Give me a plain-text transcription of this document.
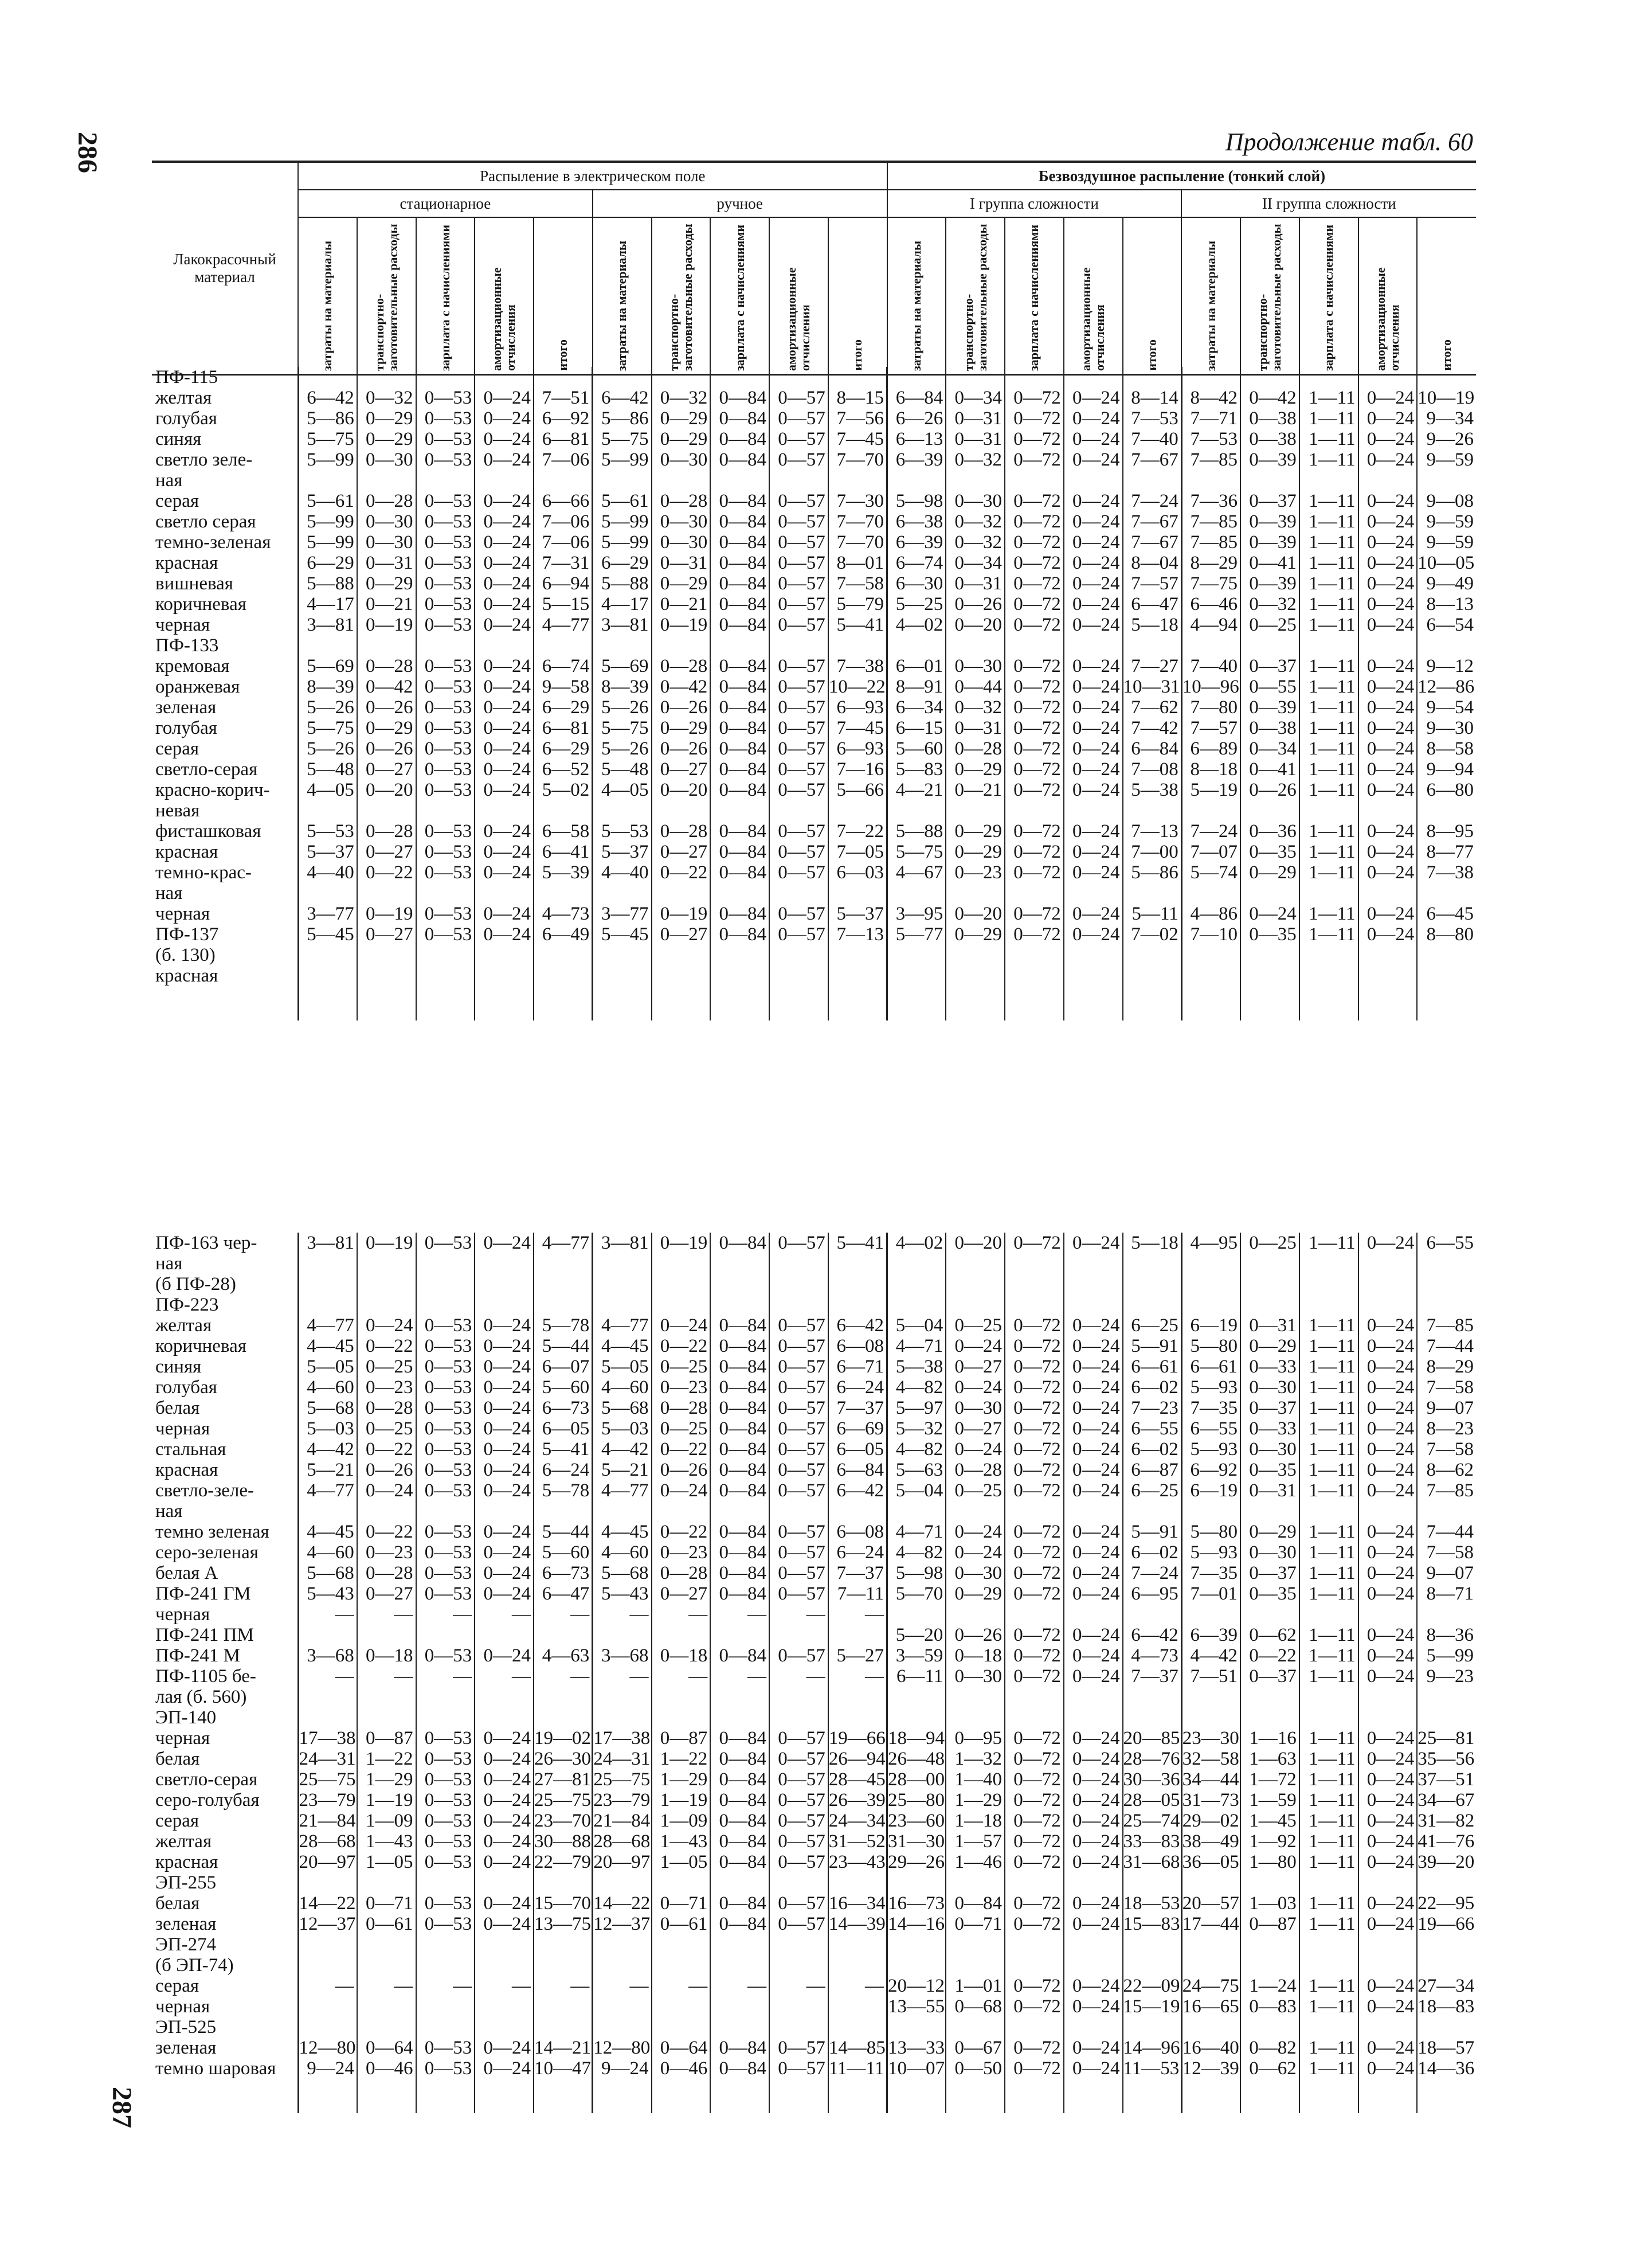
286
287
Продолжение табл. 60
Лакокрасочный материал	Распыление в электрическом поле										Безвоздушное распыление (тонкий слой)									
	стационарное					ручное					I группа сложности					II группа сложности				
	затраты на материалы	транспортно-заготовительные расходы	зарплата с начислениями	амортизационные отчисления	итого	затраты на материалы	транспортно-заготовительные расходы	зарплата с начислениями	амортизационные отчисления	итого	затраты на материалы	транспортно-заготовительные расходы	зарплата с начислениями	амортизационные отчисления	итого	затраты на материалы	транспортно-заготовительные расходы	зарплата с начислениями	амортизационные отчисления	итого
ПФ-115																				
желтая	6—42	0—32	0—53	0—24	7—51	6—42	0—32	0—84	0—57	8—15	6—84	0—34	0—72	0—24	8—14	8—42	0—42	1—11	0—24	10—19
голубая	5—86	0—29	0—53	0—24	6—92	5—86	0—29	0—84	0—57	7—56	6—26	0—31	0—72	0—24	7—53	7—71	0—38	1—11	0—24	9—34
синяя	5—75	0—29	0—53	0—24	6—81	5—75	0—29	0—84	0—57	7—45	6—13	0—31	0—72	0—24	7—40	7—53	0—38	1—11	0—24	9—26
светло зеле-	5—99	0—30	0—53	0—24	7—06	5—99	0—30	0—84	0—57	7—70	6—39	0—32	0—72	0—24	7—67	7—85	0—39	1—11	0—24	9—59
ная																				
серая	5—61	0—28	0—53	0—24	6—66	5—61	0—28	0—84	0—57	7—30	5—98	0—30	0—72	0—24	7—24	7—36	0—37	1—11	0—24	9—08
светло серая	5—99	0—30	0—53	0—24	7—06	5—99	0—30	0—84	0—57	7—70	6—38	0—32	0—72	0—24	7—67	7—85	0—39	1—11	0—24	9—59
темно-зеленая	5—99	0—30	0—53	0—24	7—06	5—99	0—30	0—84	0—57	7—70	6—39	0—32	0—72	0—24	7—67	7—85	0—39	1—11	0—24	9—59
красная	6—29	0—31	0—53	0—24	7—31	6—29	0—31	0—84	0—57	8—01	6—74	0—34	0—72	0—24	8—04	8—29	0—41	1—11	0—24	10—05
вишневая	5—88	0—29	0—53	0—24	6—94	5—88	0—29	0—84	0—57	7—58	6—30	0—31	0—72	0—24	7—57	7—75	0—39	1—11	0—24	9—49
коричневая	4—17	0—21	0—53	0—24	5—15	4—17	0—21	0—84	0—57	5—79	5—25	0—26	0—72	0—24	6—47	6—46	0—32	1—11	0—24	8—13
черная	3—81	0—19	0—53	0—24	4—77	3—81	0—19	0—84	0—57	5—41	4—02	0—20	0—72	0—24	5—18	4—94	0—25	1—11	0—24	6—54
ПФ-133																				
кремовая	5—69	0—28	0—53	0—24	6—74	5—69	0—28	0—84	0—57	7—38	6—01	0—30	0—72	0—24	7—27	7—40	0—37	1—11	0—24	9—12
оранжевая	8—39	0—42	0—53	0—24	9—58	8—39	0—42	0—84	0—57	10—22	8—91	0—44	0—72	0—24	10—31	10—96	0—55	1—11	0—24	12—86
зеленая	5—26	0—26	0—53	0—24	6—29	5—26	0—26	0—84	0—57	6—93	6—34	0—32	0—72	0—24	7—62	7—80	0—39	1—11	0—24	9—54
голубая	5—75	0—29	0—53	0—24	6—81	5—75	0—29	0—84	0—57	7—45	6—15	0—31	0—72	0—24	7—42	7—57	0—38	1—11	0—24	9—30
серая	5—26	0—26	0—53	0—24	6—29	5—26	0—26	0—84	0—57	6—93	5—60	0—28	0—72	0—24	6—84	6—89	0—34	1—11	0—24	8—58
светло-серая	5—48	0—27	0—53	0—24	6—52	5—48	0—27	0—84	0—57	7—16	5—83	0—29	0—72	0—24	7—08	8—18	0—41	1—11	0—24	9—94
красно-корич-	4—05	0—20	0—53	0—24	5—02	4—05	0—20	0—84	0—57	5—66	4—21	0—21	0—72	0—24	5—38	5—19	0—26	1—11	0—24	6—80
невая																				
фисташковая	5—53	0—28	0—53	0—24	6—58	5—53	0—28	0—84	0—57	7—22	5—88	0—29	0—72	0—24	7—13	7—24	0—36	1—11	0—24	8—95
красная	5—37	0—27	0—53	0—24	6—41	5—37	0—27	0—84	0—57	7—05	5—75	0—29	0—72	0—24	7—00	7—07	0—35	1—11	0—24	8—77
темно-крас-	4—40	0—22	0—53	0—24	5—39	4—40	0—22	0—84	0—57	6—03	4—67	0—23	0—72	0—24	5—86	5—74	0—29	1—11	0—24	7—38
ная																				
черная	3—77	0—19	0—53	0—24	4—73	3—77	0—19	0—84	0—57	5—37	3—95	0—20	0—72	0—24	5—11	4—86	0—24	1—11	0—24	6—45
ПФ-137	5—45	0—27	0—53	0—24	6—49	5—45	0—27	0—84	0—57	7—13	5—77	0—29	0—72	0—24	7—02	7—10	0—35	1—11	0—24	8—80
(б. 130)																				
красная																				

ПФ-163 чер-	3—81	0—19	0—53	0—24	4—77	3—81	0—19	0—84	0—57	5—41	4—02	0—20	0—72	0—24	5—18	4—95	0—25	1—11	0—24	6—55
ная																				
(б ПФ-28)																				
ПФ-223																				
желтая	4—77	0—24	0—53	0—24	5—78	4—77	0—24	0—84	0—57	6—42	5—04	0—25	0—72	0—24	6—25	6—19	0—31	1—11	0—24	7—85
коричневая	4—45	0—22	0—53	0—24	5—44	4—45	0—22	0—84	0—57	6—08	4—71	0—24	0—72	0—24	5—91	5—80	0—29	1—11	0—24	7—44
синяя	5—05	0—25	0—53	0—24	6—07	5—05	0—25	0—84	0—57	6—71	5—38	0—27	0—72	0—24	6—61	6—61	0—33	1—11	0—24	8—29
голубая	4—60	0—23	0—53	0—24	5—60	4—60	0—23	0—84	0—57	6—24	4—82	0—24	0—72	0—24	6—02	5—93	0—30	1—11	0—24	7—58
белая	5—68	0—28	0—53	0—24	6—73	5—68	0—28	0—84	0—57	7—37	5—97	0—30	0—72	0—24	7—23	7—35	0—37	1—11	0—24	9—07
черная	5—03	0—25	0—53	0—24	6—05	5—03	0—25	0—84	0—57	6—69	5—32	0—27	0—72	0—24	6—55	6—55	0—33	1—11	0—24	8—23
стальная	4—42	0—22	0—53	0—24	5—41	4—42	0—22	0—84	0—57	6—05	4—82	0—24	0—72	0—24	6—02	5—93	0—30	1—11	0—24	7—58
красная	5—21	0—26	0—53	0—24	6—24	5—21	0—26	0—84	0—57	6—84	5—63	0—28	0—72	0—24	6—87	6—92	0—35	1—11	0—24	8—62
светло-зеле-	4—77	0—24	0—53	0—24	5—78	4—77	0—24	0—84	0—57	6—42	5—04	0—25	0—72	0—24	6—25	6—19	0—31	1—11	0—24	7—85
ная																				
темно зеленая	4—45	0—22	0—53	0—24	5—44	4—45	0—22	0—84	0—57	6—08	4—71	0—24	0—72	0—24	5—91	5—80	0—29	1—11	0—24	7—44
серо-зеленая	4—60	0—23	0—53	0—24	5—60	4—60	0—23	0—84	0—57	6—24	4—82	0—24	0—72	0—24	6—02	5—93	0—30	1—11	0—24	7—58
белая А	5—68	0—28	0—53	0—24	6—73	5—68	0—28	0—84	0—57	7—37	5—98	0—30	0—72	0—24	7—24	7—35	0—37	1—11	0—24	9—07
ПФ-241 ГМ	5—43	0—27	0—53	0—24	6—47	5—43	0—27	0—84	0—57	7—11	5—70	0—29	0—72	0—24	6—95	7—01	0—35	1—11	0—24	8—71
черная	—	—	—	—	—	—	—	—	—	—										
ПФ-241 ПМ											5—20	0—26	0—72	0—24	6—42	6—39	0—62	1—11	0—24	8—36
ПФ-241 М	3—68	0—18	0—53	0—24	4—63	3—68	0—18	0—84	0—57	5—27	3—59	0—18	0—72	0—24	4—73	4—42	0—22	1—11	0—24	5—99
ПФ-1105 бе-	—	—	—	—	—	—	—	—	—	—	6—11	0—30	0—72	0—24	7—37	7—51	0—37	1—11	0—24	9—23
лая (б. 560)																				
ЭП-140																				
черная	17—38	0—87	0—53	0—24	19—02	17—38	0—87	0—84	0—57	19—66	18—94	0—95	0—72	0—24	20—85	23—30	1—16	1—11	0—24	25—81
белая	24—31	1—22	0—53	0—24	26—30	24—31	1—22	0—84	0—57	26—94	26—48	1—32	0—72	0—24	28—76	32—58	1—63	1—11	0—24	35—56
светло-серая	25—75	1—29	0—53	0—24	27—81	25—75	1—29	0—84	0—57	28—45	28—00	1—40	0—72	0—24	30—36	34—44	1—72	1—11	0—24	37—51
серо-голубая	23—79	1—19	0—53	0—24	25—75	23—79	1—19	0—84	0—57	26—39	25—80	1—29	0—72	0—24	28—05	31—73	1—59	1—11	0—24	34—67
серая	21—84	1—09	0—53	0—24	23—70	21—84	1—09	0—84	0—57	24—34	23—60	1—18	0—72	0—24	25—74	29—02	1—45	1—11	0—24	31—82
желтая	28—68	1—43	0—53	0—24	30—88	28—68	1—43	0—84	0—57	31—52	31—30	1—57	0—72	0—24	33—83	38—49	1—92	1—11	0—24	41—76
красная	20—97	1—05	0—53	0—24	22—79	20—97	1—05	0—84	0—57	23—43	29—26	1—46	0—72	0—24	31—68	36—05	1—80	1—11	0—24	39—20
ЭП-255																				
белая	14—22	0—71	0—53	0—24	15—70	14—22	0—71	0—84	0—57	16—34	16—73	0—84	0—72	0—24	18—53	20—57	1—03	1—11	0—24	22—95
зеленая	12—37	0—61	0—53	0—24	13—75	12—37	0—61	0—84	0—57	14—39	14—16	0—71	0—72	0—24	15—83	17—44	0—87	1—11	0—24	19—66
ЭП-274																				
(б ЭП-74)																				
серая	—	—	—	—	—	—	—	—	—	—	20—12	1—01	0—72	0—24	22—09	24—75	1—24	1—11	0—24	27—34
черная											13—55	0—68	0—72	0—24	15—19	16—65	0—83	1—11	0—24	18—83
ЭП-525																				
зеленая	12—80	0—64	0—53	0—24	14—21	12—80	0—64	0—84	0—57	14—85	13—33	0—67	0—72	0—24	14—96	16—40	0—82	1—11	0—24	18—57
темно шаровая	9—24	0—46	0—53	0—24	10—47	9—24	0—46	0—84	0—57	11—11	10—07	0—50	0—72	0—24	11—53	12—39	0—62	1—11	0—24	14—36
